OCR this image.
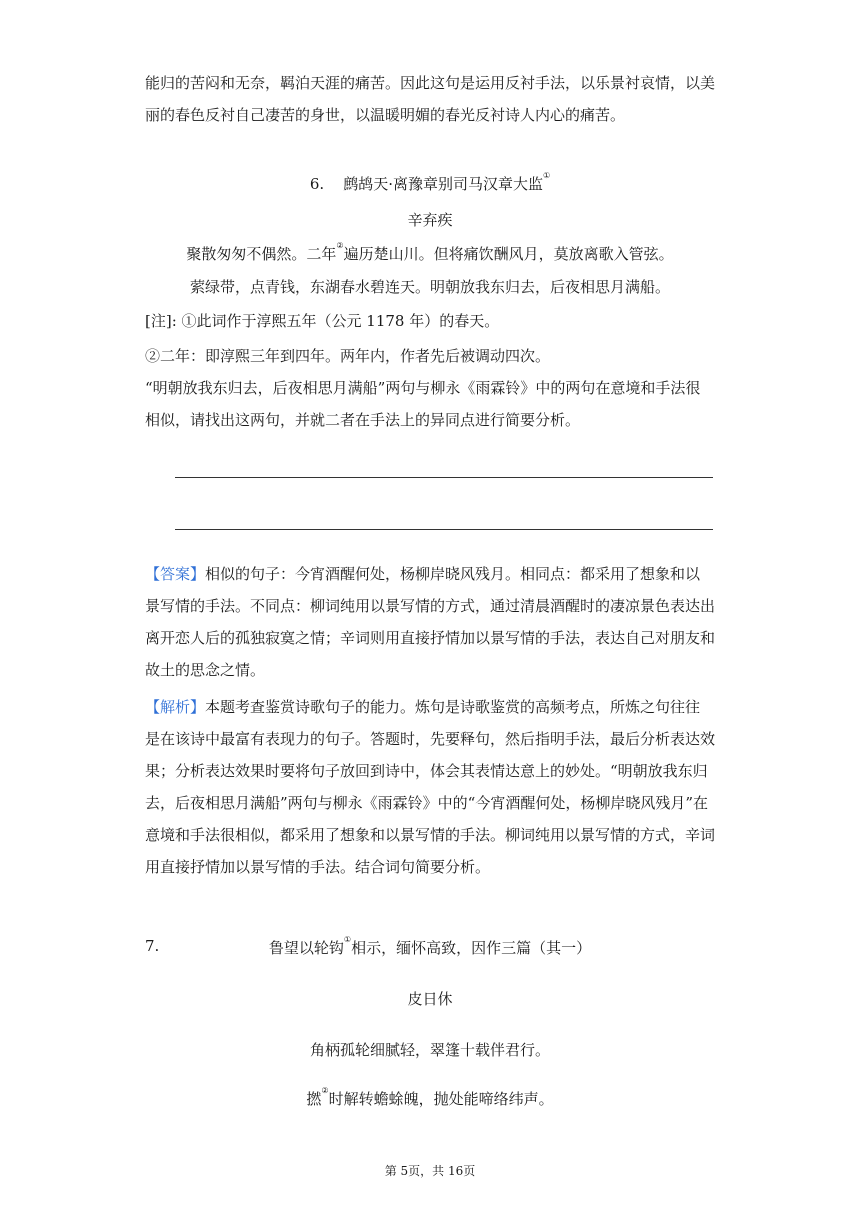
能归的苦闷和无奈，羁泊天涯的痛苦。因此这句是运用反衬手法，以乐景衬哀情，以美丽的春色反衬自己凄苦的身世，以温暖明媚的春光反衬诗人内心的痛苦。
6. 鹧鸪天·离豫章别司马汉章大监①
辛弃疾
聚散匆匆不偶然。二年②遍历楚山川。但将痛饮酬风月，莫放离歌入管弦。
萦绿带，点青钱，东湖春水碧连天。明朝放我东归去，后夜相思月满船。
[注]: ①此词作于淳熙五年（公元 1178 年）的春天。
②二年：即淳熙三年到四年。两年内，作者先后被调动四次。
“明朝放我东归去，后夜相思月满船”两句与柳永《雨霖铃》中的两句在意境和手法很相似，请找出这两句，并就二者在手法上的异同点进行简要分析。
【答案】相似的句子：今宵酒醒何处，杨柳岸晓风残月。相同点：都采用了想象和以景写情的手法。不同点：柳词纯用以景写情的方式，通过清晨酒醒时的凄凉景色表达出离开恋人后的孤独寂寞之情；辛词则用直接抒情加以景写情的手法，表达自己对朋友和故土的思念之情。
【解析】本题考查鉴赏诗歌句子的能力。炼句是诗歌鉴赏的高频考点，所炼之句往往是在该诗中最富有表现力的句子。答题时，先要释句，然后指明手法，最后分析表达效果；分析表达效果时要将句子放回到诗中，体会其表情达意上的妙处。“明朝放我东归去，后夜相思月满船”两句与柳永《雨霖铃》中的“今宵酒醒何处，杨柳岸晓风残月”在意境和手法很相似，都采用了想象和以景写情的手法。柳词纯用以景写情的方式，辛词用直接抒情加以景写情的手法。结合词句简要分析。
7.	鲁望以轮钩①相示，缅怀高致，因作三篇（其一）
皮日休
角柄孤轮细腻轻，翠篷十载伴君行。
撚②时解转蟾蜍魄，抛处能啼络纬声。
第 5页，共 16页
